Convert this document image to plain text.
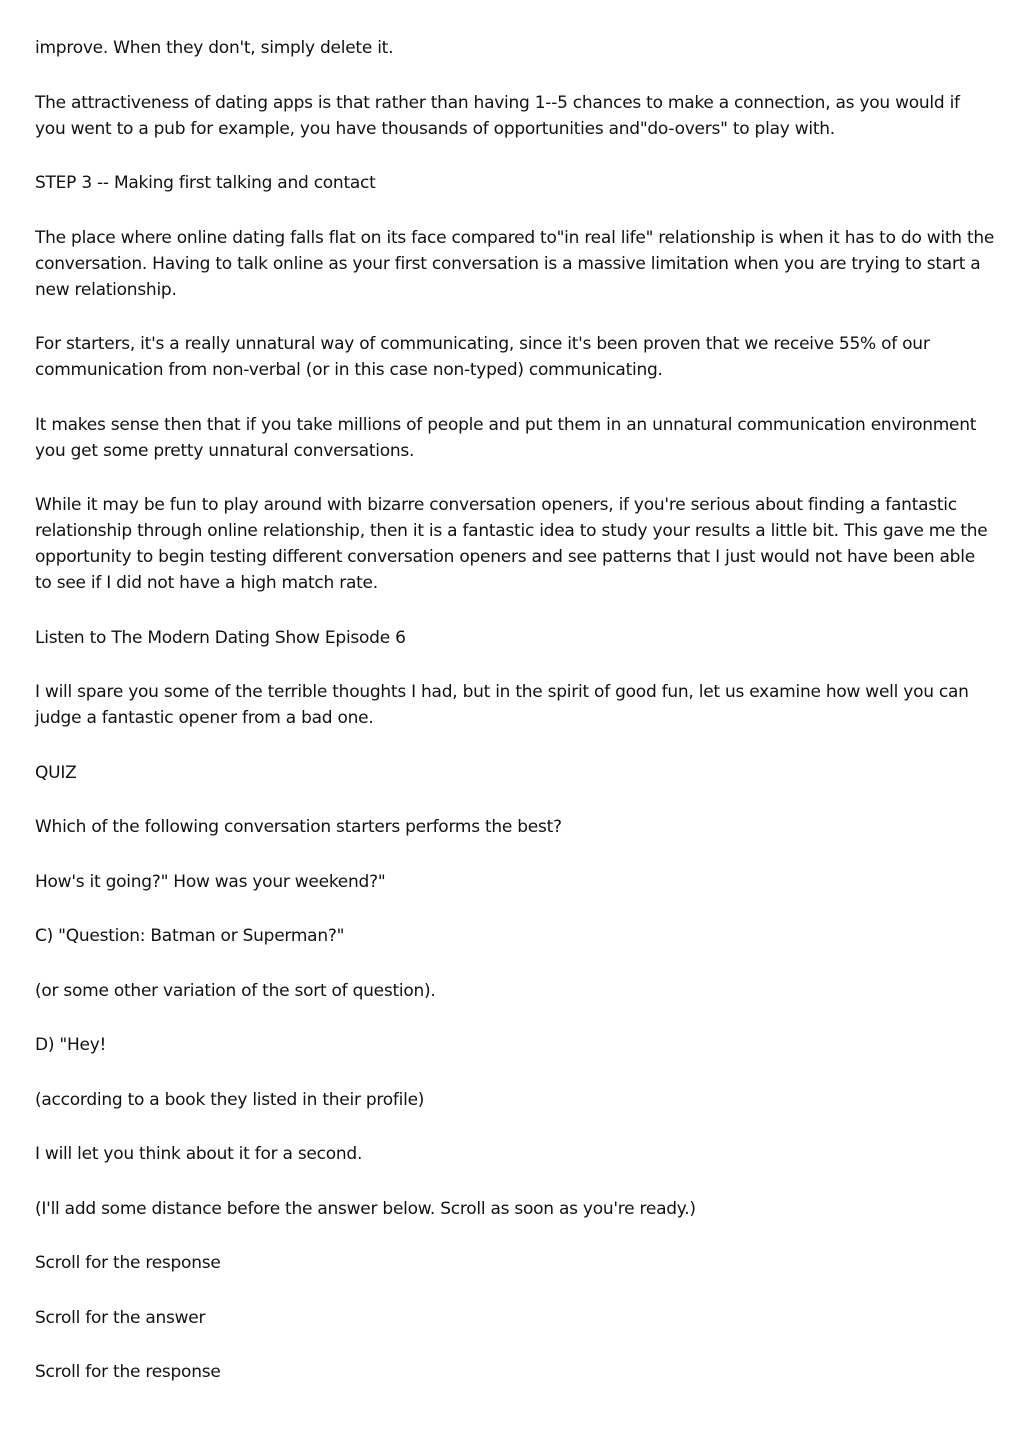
improve. When they don't, simply delete it.

The attractiveness of dating apps is that rather than having 1--5 chances to make a connection, as you would if you went to a pub for example, you have thousands of opportunities and"do-overs" to play with.

STEP 3 -- Making first talking and contact

The place where online dating falls flat on its face compared to"in real life" relationship is when it has to do with the conversation. Having to talk online as your first conversation is a massive limitation when you are trying to start a new relationship.

For starters, it's a really unnatural way of communicating, since it's been proven that we receive 55% of our communication from non-verbal (or in this case non-typed) communicating.

It makes sense then that if you take millions of people and put them in an unnatural communication environment you get some pretty unnatural conversations.

While it may be fun to play around with bizarre conversation openers, if you're serious about finding a fantastic relationship through online relationship, then it is a fantastic idea to study your results a little bit. This gave me the opportunity to begin testing different conversation openers and see patterns that I just would not have been able to see if I did not have a high match rate.

Listen to The Modern Dating Show Episode 6

I will spare you some of the terrible thoughts I had, but in the spirit of good fun, let us examine how well you can judge a fantastic opener from a bad one.

QUIZ

Which of the following conversation starters performs the best?

How's it going?" How was your weekend?"

C) "Question: Batman or Superman?"

(or some other variation of the sort of question).

D) "Hey!

(according to a book they listed in their profile)

I will let you think about it for a second.

(I'll add some distance before the answer below. Scroll as soon as you're ready.)

Scroll for the response

Scroll for the answer

Scroll for the response
